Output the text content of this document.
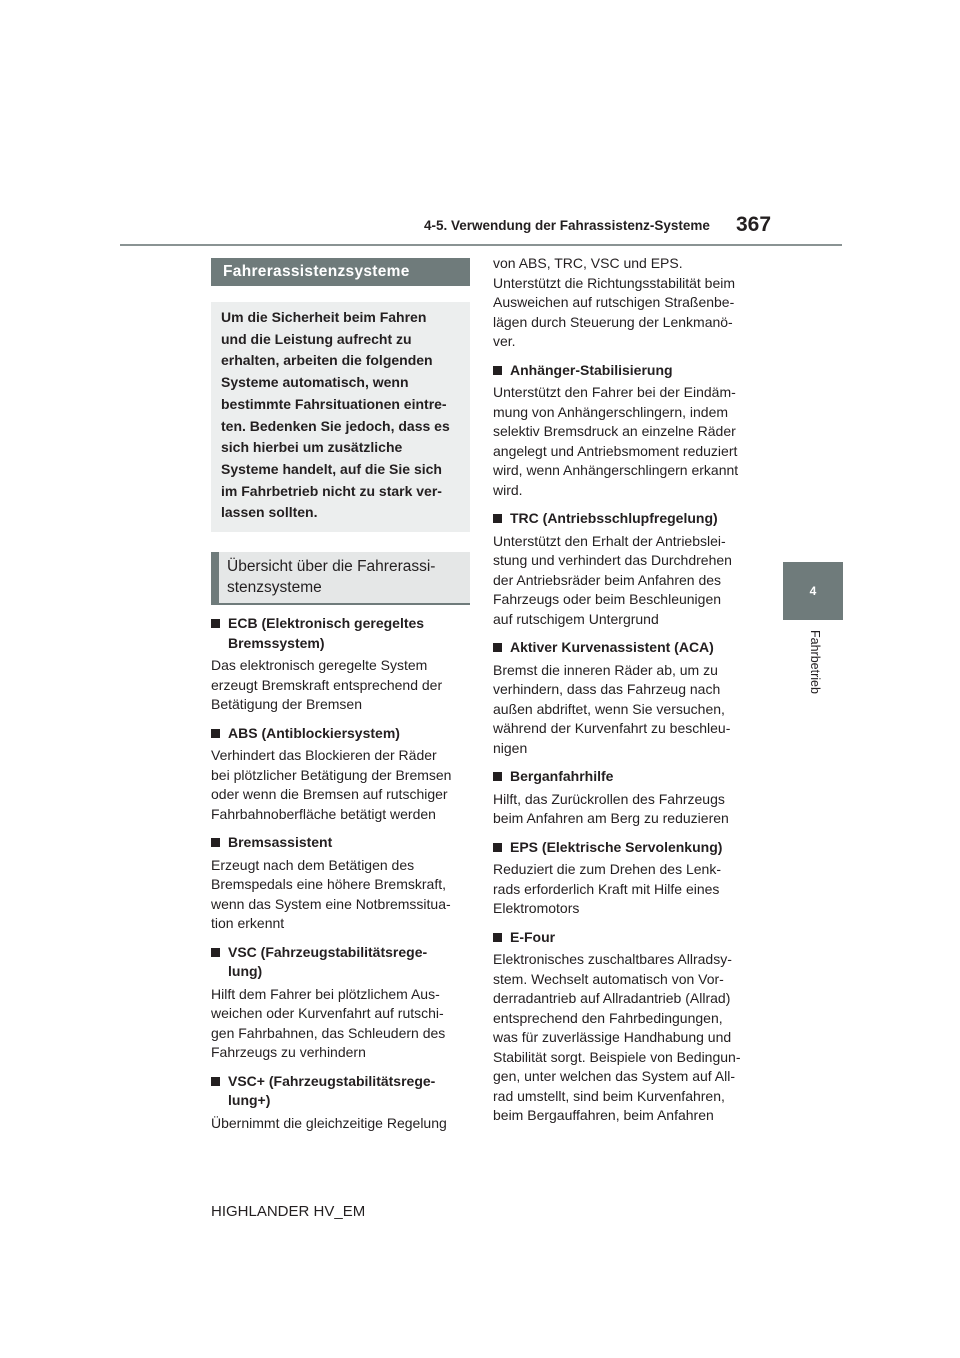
4-5. Verwendung der Fahrassistenz-Systeme 367
4
Fahrbetrieb
Fahrerassistenzsysteme
Um die Sicherheit beim Fahren
und die Leistung aufrecht zu
erhalten, arbeiten die folgenden
Systeme automatisch, wenn
bestimmte Fahrsituationen eintre-
ten. Bedenken Sie jedoch, dass es
sich hierbei um zusätzliche
Systeme handelt, auf die Sie sich
im Fahrbetrieb nicht zu stark ver-
lassen sollten.
Übersicht über die Fahrerassi-
stenzsysteme
ECB (Elektronisch geregeltes
Bremssystem)
Das elektronisch geregelte System
erzeugt Bremskraft entsprechend der
Betätigung der Bremsen
ABS (Antiblockiersystem)
Verhindert das Blockieren der Räder
bei plötzlicher Betätigung der Bremsen
oder wenn die Bremsen auf rutschiger
Fahrbahnoberfläche betätigt werden
Bremsassistent
Erzeugt nach dem Betätigen des
Bremspedals eine höhere Bremskraft,
wenn das System eine Notbremssitua-
tion erkennt
VSC (Fahrzeugstabilitätsrege-
lung)
Hilft dem Fahrer bei plötzlichem Aus-
weichen oder Kurvenfahrt auf rutschi-
gen Fahrbahnen, das Schleudern des
Fahrzeugs zu verhindern
VSC+ (Fahrzeugstabilitätsrege-
lung+)
Übernimmt die gleichzeitige Regelung
von ABS, TRC, VSC und EPS.
Unterstützt die Richtungsstabilität beim
Ausweichen auf rutschigen Straßenbe-
lägen durch Steuerung der Lenkmanö-
ver.
Anhänger-Stabilisierung
Unterstützt den Fahrer bei der Eindäm-
mung von Anhängerschlingern, indem
selektiv Bremsdruck an einzelne Räder
angelegt und Antriebsmoment reduziert
wird, wenn Anhängerschlingern erkannt
wird.
TRC (Antriebsschlupfregelung)
Unterstützt den Erhalt der Antriebslei-
stung und verhindert das Durchdrehen
der Antriebsräder beim Anfahren des
Fahrzeugs oder beim Beschleunigen
auf rutschigem Untergrund
Aktiver Kurvenassistent (ACA)
Bremst die inneren Räder ab, um zu
verhindern, dass das Fahrzeug nach
außen abdriftet, wenn Sie versuchen,
während der Kurvenfahrt zu beschleu-
nigen
Berganfahrhilfe
Hilft, das Zurückrollen des Fahrzeugs
beim Anfahren am Berg zu reduzieren
EPS (Elektrische Servolenkung)
Reduziert die zum Drehen des Lenk-
rads erforderlich Kraft mit Hilfe eines
Elektromotors
E-Four
Elektronisches zuschaltbares Allradsy-
stem. Wechselt automatisch von Vor-
derradantrieb auf Allradantrieb (Allrad)
entsprechend den Fahrbedingungen,
was für zuverlässige Handhabung und
Stabilität sorgt. Beispiele von Bedingun-
gen, unter welchen das System auf All-
rad umstellt, sind beim Kurvenfahren,
beim Bergauffahren, beim Anfahren
HIGHLANDER HV_EM
